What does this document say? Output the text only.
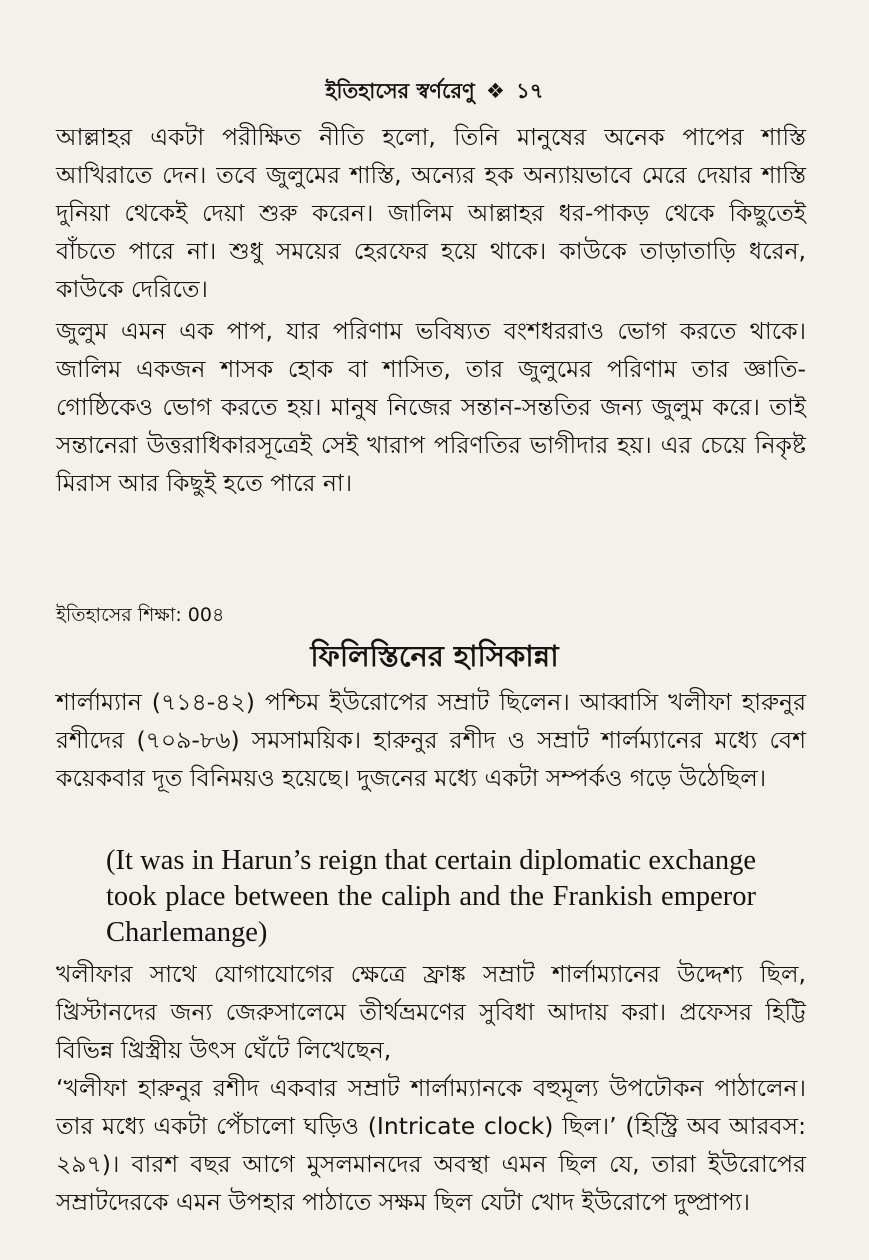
ইতিহাসের স্বর্ণরেণু ❖ ১৭

আল্লাহর একটা পরীক্ষিত নীতি হলো, তিনি মানুষের অনেক পাপের শাস্তি আখিরাতে দেন। তবে জুলুমের শাস্তি, অন্যের হক অন্যায়ভাবে মেরে দেয়ার শাস্তি দুনিয়া থেকেই দেয়া শুরু করেন। জালিম আল্লাহর ধর-পাকড় থেকে কিছুতেই বাঁচতে পারে না। শুধু সময়ের হেরফের হয়ে থাকে। কাউকে তাড়াতাড়ি ধরেন, কাউকে দেরিতে।

জুলুম এমন এক পাপ, যার পরিণাম ভবিষ্যত বংশধররাও ভোগ করতে থাকে। জালিম একজন শাসক হোক বা শাসিত, তার জুলুমের পরিণাম তার জ্ঞাতি-গোষ্ঠিকেও ভোগ করতে হয়। মানুষ নিজের সন্তান-সন্ততির জন্য জুলুম করে। তাই সন্তানেরা উত্তরাধিকারসূত্রেই সেই খারাপ পরিণতির ভাগীদার হয়। এর চেয়ে নিকৃষ্ট মিরাস আর কিছুই হতে পারে না।

ইতিহাসের শিক্ষা: 00৪
ফিলিস্তিনের হাসিকান্না

শার্লাম্যান (৭১৪-৪২) পশ্চিম ইউরোপের সম্রাট ছিলেন। আব্বাসি খলীফা হারুনুর রশীদের (৭০৯-৮৬) সমসাময়িক। হারুনুর রশীদ ও সম্রাট শার্লম্যানের মধ্যে বেশ কয়েকবার দূত বিনিময়ও হয়েছে। দুজনের মধ্যে একটা সম্পর্কও গড়ে উঠেছিল।

(It was in Harun’s reign that certain diplomatic exchange took place between the caliph and the Frankish emperor Charlemange)

খলীফার সাথে যোগাযোগের ক্ষেত্রে ফ্রাঙ্ক সম্রাট শার্লাম্যানের উদ্দেশ্য ছিল, খ্রিস্টানদের জন্য জেরুসালেমে তীর্থভ্রমণের সুবিধা আদায় করা। প্রফেসর হিট্টি বিভিন্ন খ্রিস্ত্রীয় উৎস ঘেঁটে লিখেছেন,

‘খলীফা হারুনুর রশীদ একবার সম্রাট শার্লাম্যানকে বহুমূল্য উপঢৌকন পাঠালেন। তার মধ্যে একটা পেঁচালো ঘড়িও (Intricate clock) ছিল।’ (হিস্ট্রি অব আরবস: ২৯৭)। বারশ বছর আগে মুসলমানদের অবস্থা এমন ছিল যে, তারা ইউরোপের সম্রাটদেরকে এমন উপহার পাঠাতে সক্ষম ছিল যেটা খোদ ইউরোপে দুষ্প্রাপ্য।
